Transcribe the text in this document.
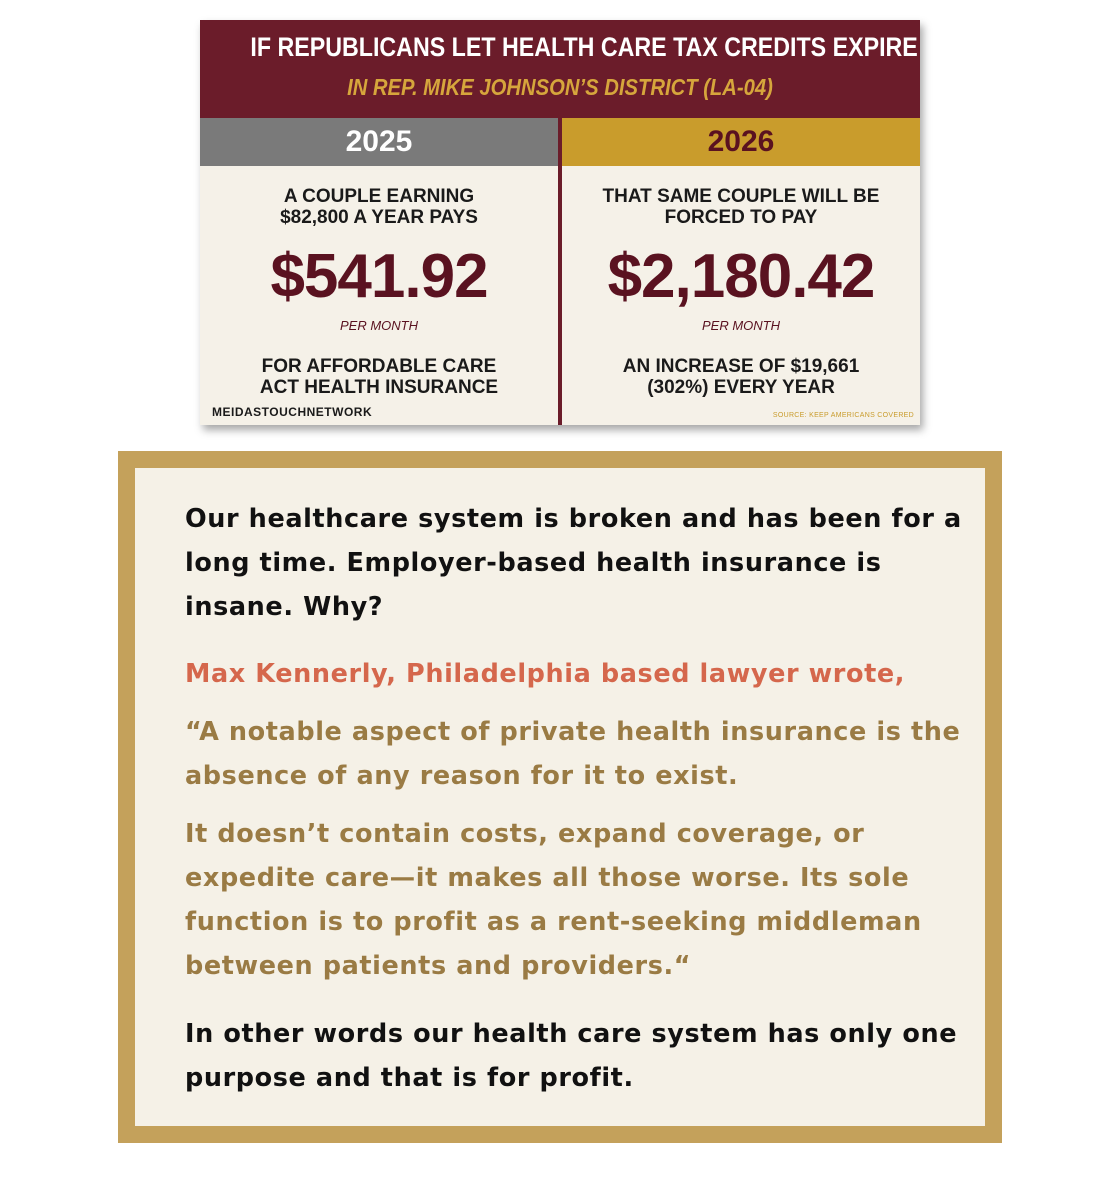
IF REPUBLICANS LET HEALTH CARE TAX CREDITS EXPIRE
IN REP. MIKE JOHNSON’S DISTRICT (LA-04)
2025	2026
A COUPLE EARNING
$82,800 A YEAR PAYS
$541.92
PER MONTH
FOR AFFORDABLE CARE
ACT HEALTH INSURANCE
THAT SAME COUPLE WILL BE
FORCED TO PAY
$2,180.42
PER MONTH
AN INCREASE OF $19,661
(302%) EVERY YEAR
MEIDASTOUCHNETWORK	SOURCE: KEEP AMERICANS COVERED

Our healthcare system is broken and has been for a long time. Employer-based health insurance is insane. Why?

Max Kennerly, Philadelphia based lawyer wrote,

“A notable aspect of private health insurance is the absence of any reason for it to exist.

It doesn’t contain costs, expand coverage, or expedite care—it makes all those worse. Its sole function is to profit as a rent-seeking middleman between patients and providers.“

In other words our health care system has only one purpose and that is for profit.
